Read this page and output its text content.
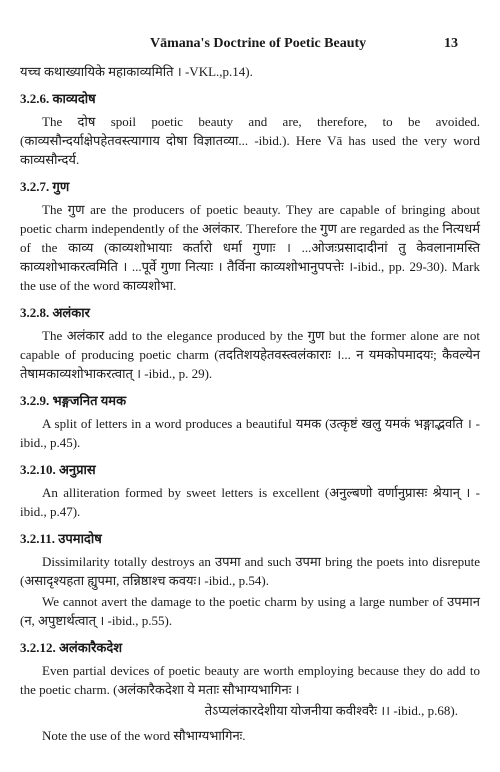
Vāmana's Doctrine of Poetic Beauty	13

यच्च कथाख्यायिके महाकाव्यमिति । -VKL.,p.14).

3.2.6. काव्यदोष

The दोष spoil poetic beauty and are, therefore, to be avoided. (काव्यसौन्दर्याक्षेपहेतवस्त्यागाय दोषा विज्ञातव्या... -ibid.). Here Vā has used the very word काव्यसौन्दर्य.

3.2.7. गुण

The गुण are the producers of poetic beauty. They are capable of bringing about poetic charm independently of the अलंकार. Therefore the गुण are regarded as the नित्यधर्म of the काव्य (काव्यशोभायाः कर्तारो धर्मा गुणाः । ...ओजःप्रसादादीनां तु केवलानामस्ति काव्यशोभाकरत्वमिति । ...पूर्वे गुणा नित्याः । तैर्विना काव्यशोभानुपपत्तेः ।-ibid., pp. 29-30). Mark the use of the word काव्यशोभा.

3.2.8. अलंकार

The अलंकार add to the elegance produced by the गुण but the former alone are not capable of producing poetic charm (तदतिशयहेतवस्त्वलंकाराः ।... न यमकोपमादयः; कैवल्येन तेषामकाव्यशोभाकरत्वात् । -ibid., p. 29).

3.2.9. भङ्गजनित यमक

A split of letters in a word produces a beautiful यमक (उत्कृष्टं खलु यमकं भङ्गाद्भवति । -ibid., p.45).

3.2.10. अनुप्रास

An alliteration formed by sweet letters is excellent (अनुल्बणो वर्णानुप्रासः श्रेयान् । -ibid., p.47).

3.2.11. उपमादोष

Dissimilarity totally destroys an उपमा and such उपमा bring the poets into disrepute (असादृश्यहता ह्युपमा, तन्निष्ठाश्च कवयः। -ibid., p.54).

We cannot avert the damage to the poetic charm by using a large number of उपमान (न, अपुष्टार्थत्वात् । -ibid., p.55).

3.2.12. अलंकारैकदेश

Even partial devices of poetic beauty are worth employing because they do add to the poetic charm. (अलंकारैकदेशा ये मताः सौभाग्यभागिनः ।

तेऽप्यलंकारदेशीया योजनीया कवीश्वरैः ।। -ibid., p.68).

Note the use of the word सौभाग्यभागिनः.
